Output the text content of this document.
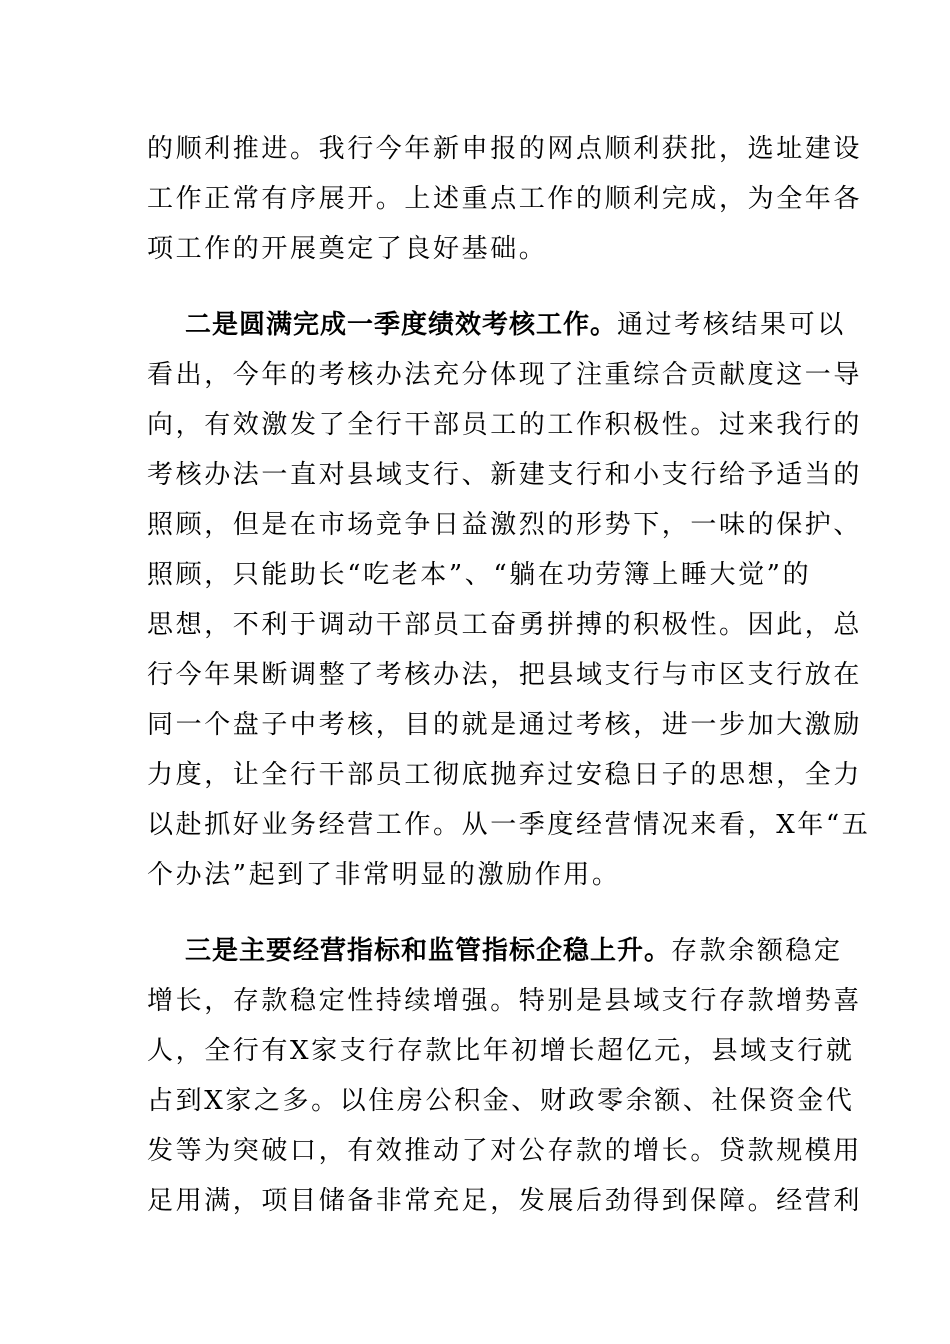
的顺利推进。我行今年新申报的网点顺利获批，选址建设
工作正常有序展开。上述重点工作的顺利完成，为全年各
项工作的开展奠定了良好基础。
二是圆满完成一季度绩效考核工作。通过考核结果可以
看出，今年的考核办法充分体现了注重综合贡献度这一导
向，有效激发了全行干部员工的工作积极性。过来我行的
考核办法一直对县域支行、新建支行和小支行给予适当的
照顾，但是在市场竞争日益激烈的形势下，一味的保护、
照顾，只能助长“吃老本”、“躺在功劳簿上睡大觉”的
思想，不利于调动干部员工奋勇拼搏的积极性。因此，总
行今年果断调整了考核办法，把县域支行与市区支行放在
同一个盘子中考核，目的就是通过考核，进一步加大激励
力度，让全行干部员工彻底抛弃过安稳日子的思想，全力
以赴抓好业务经营工作。从一季度经营情况来看，X年“五
个办法”起到了非常明显的激励作用。
三是主要经营指标和监管指标企稳上升。存款余额稳定
增长，存款稳定性持续增强。特别是县域支行存款增势喜
人，全行有X家支行存款比年初增长超亿元，县域支行就
占到X家之多。以住房公积金、财政零余额、社保资金代
发等为突破口，有效推动了对公存款的增长。贷款规模用
足用满，项目储备非常充足，发展后劲得到保障。经营利
